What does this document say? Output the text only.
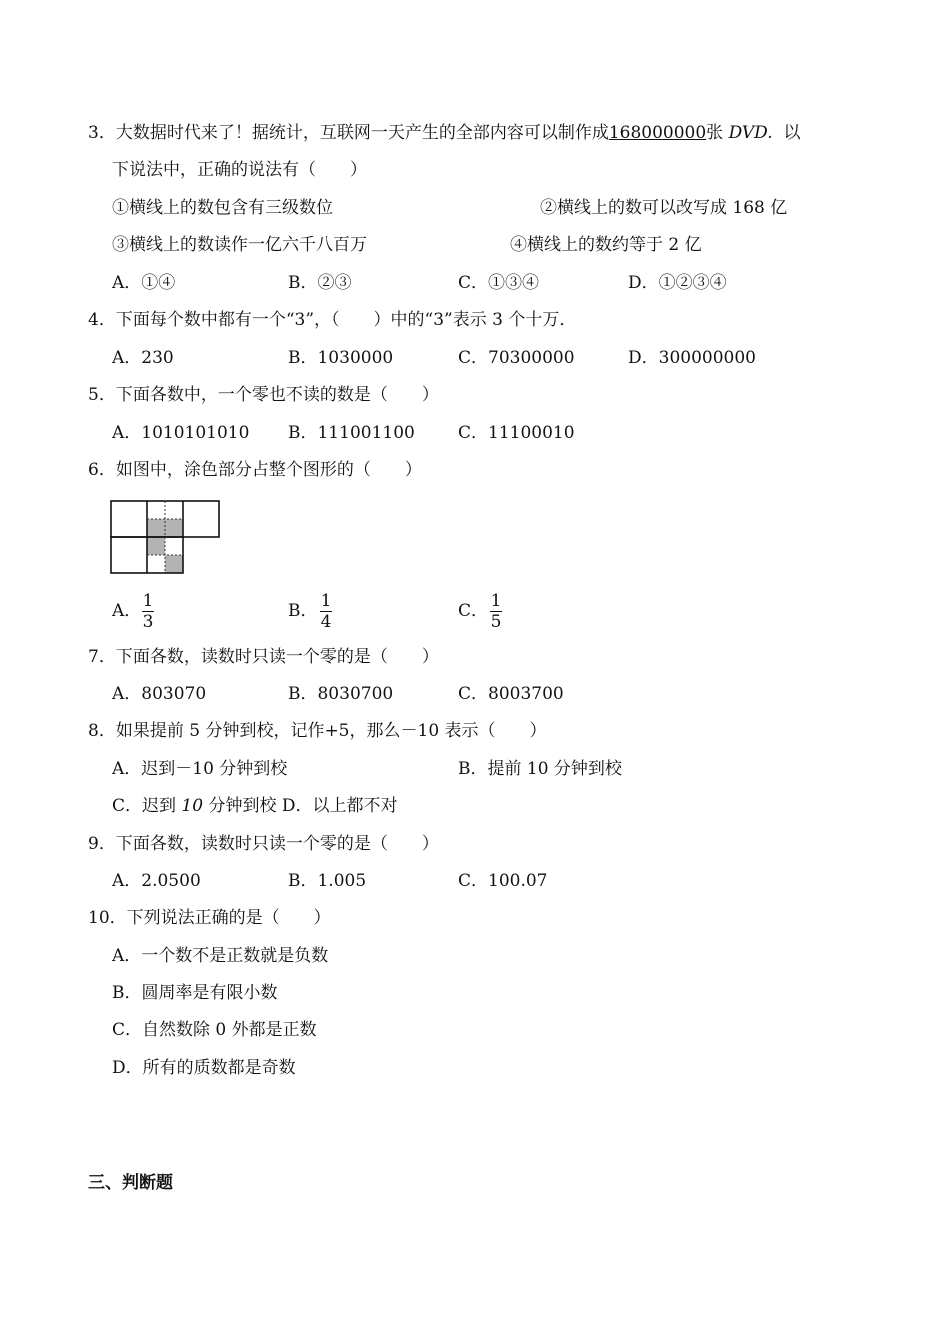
3．大数据时代来了！据统计，互联网一天产生的全部内容可以制作成168000000张 DVD. 以
下说法中，正确的说法有（　　）
①横线上的数包含有三级数位	②横线上的数可以改写成 168 亿
③横线上的数读作一亿六千八百万	④横线上的数约等于 2 亿
A．①④	B．②③	C．①③④	D．①②③④
4．下面每个数中都有一个“3”，（　　）中的“3”表示 3 个十万．
A．230	B．1030000	C．70300000	D．300000000
5．下面各数中，一个零也不读的数是（　　）
A．1010101010 B．111001100	C．11100010
6．如图中，涂色部分占整个图形的（　　）
A． 1
3
B． 1
4
C． 1
5
7．下面各数，读数时只读一个零的是（　　）
A．803070	B．8030700	C．8003700
8．如果提前 5 分钟到校，记作+5，那么－10 表示（　　）
A．迟到－10 分钟到校	B．提前 10 分钟到校
C．迟到 10 分钟到校 D．以上都不对
9．下面各数，读数时只读一个零的是（　　）
A．2.0500	B．1.005	C．100.07
10．下列说法正确的是（　　）
A．一个数不是正数就是负数
B．圆周率是有限小数
C．自然数除 0 外都是正数
D．所有的质数都是奇数
三、判断题
